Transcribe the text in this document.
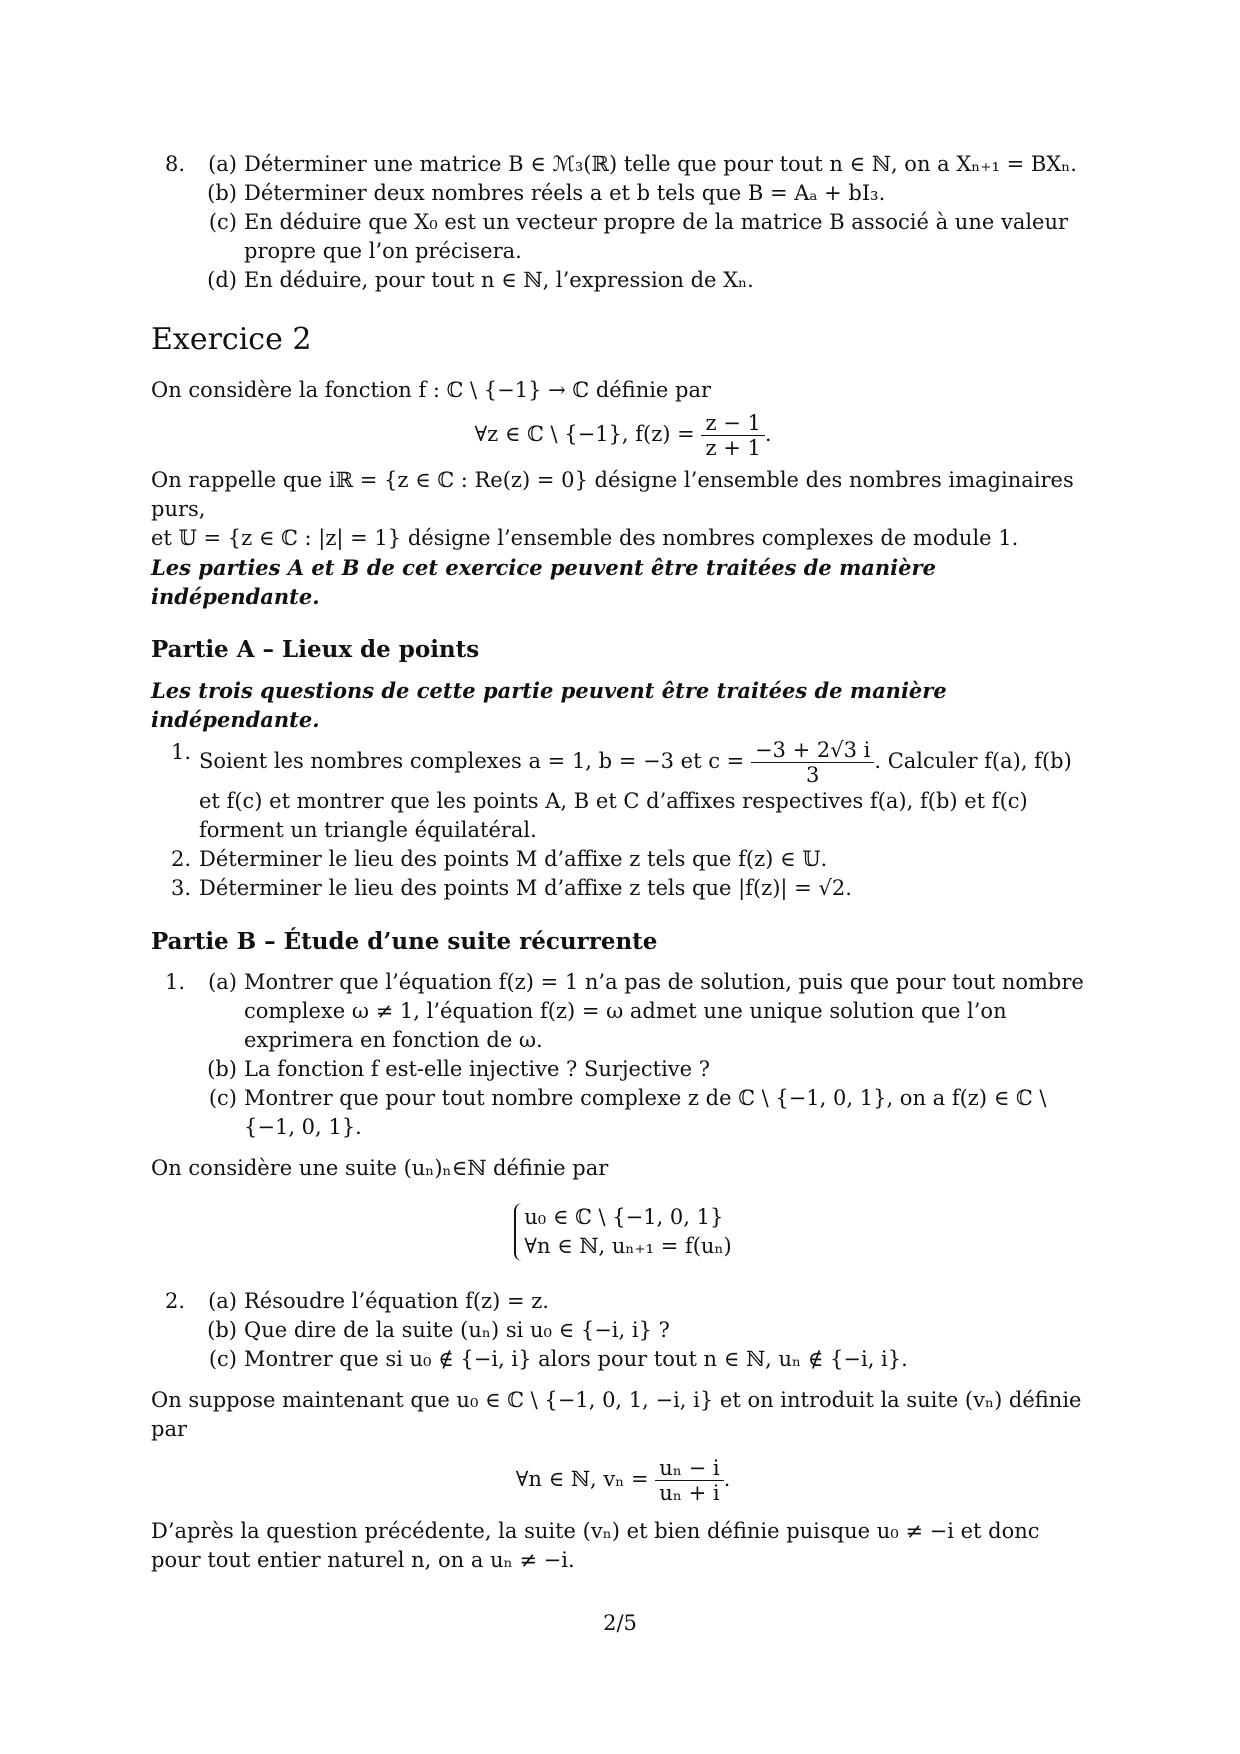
8.	(a) Déterminer une matrice B ∈ ℳ₃(ℝ) telle que pour tout n ∈ ℕ, on a Xₙ₊₁ = BXₙ.
(b) Déterminer deux nombres réels a et b tels que B = Aₐ + bI₃.
(c) En déduire que X₀ est un vecteur propre de la matrice B associé à une valeur propre que l’on précisera.
(d) En déduire, pour tout n ∈ ℕ, l’expression de Xₙ.
Exercice 2

On considère la fonction f : ℂ \ {−1} → ℂ définie par

∀z ∈ ℂ \ {−1}, $f(z) = \frac{z - 1}{z + 1}$ .

On rappelle que iℝ = {z ∈ ℂ : Re(z) = 0} désigne l’ensemble des nombres imaginaires purs,

et 𝕌 = {z ∈ ℂ : |z| = 1} désigne l’ensemble des nombres complexes de module 1.

Les parties A et B de cet exercice peuvent être traitées de manière indépendante.

Partie A – Lieux de points

Les trois questions de cette partie peuvent être traitées de manière indépendante.

1. Soient les nombres complexes a = 1, b = −3 et $c = \frac{-3 + 2√3 i}{3}$ . Calculer f(a), f(b) et f(c) et montrer que les points A, B et C d’affixes respectives f(a), f(b) et f(c) forment un triangle équilatéral.
2. Déterminer le lieu des points M d’affixe z tels que f(z) ∈ 𝕌.
3. Déterminer le lieu des points M d’affixe z tels que |f(z)| = √2.
Partie B – Étude d’une suite récurrente
1.	(a) Montrer que l’équation f(z) = 1 n’a pas de solution, puis que pour tout nombre complexe ω ≠ 1, l’équation f(z) = ω admet une unique solution que l’on exprimera en fonction de ω.
(b) La fonction f est-elle injective ? Surjective ?
(c) Montrer que pour tout nombre complexe z de ℂ \ {−1, 0, 1}, on a f(z) ∈ ℂ \ {−1, 0, 1}.

On considère une suite (uₙ)ₙ∈ℕ définie par

u₀ ∈ ℂ \ {−1, 0, 1}
∀n ∈ ℕ, uₙ₊₁ = f(uₙ)
2.	(a) Résoudre l’équation f(z) = z.
(b) Que dire de la suite (uₙ) si u₀ ∈ {−i, i} ?
(c) Montrer que si u₀ ∉ {−i, i} alors pour tout n ∈ ℕ, uₙ ∉ {−i, i}.

On suppose maintenant que u₀ ∈ ℂ \ {−1, 0, 1, −i, i} et on introduit la suite (vₙ) définie par

∀n ∈ ℕ, $v_n = \frac{\text{uₙ − i}}{\text{uₙ + i}}$ .

D’après la question précédente, la suite (vₙ) et bien définie puisque u₀ ≠ −i et donc pour tout entier naturel n, on a uₙ ≠ −i.

2/5
